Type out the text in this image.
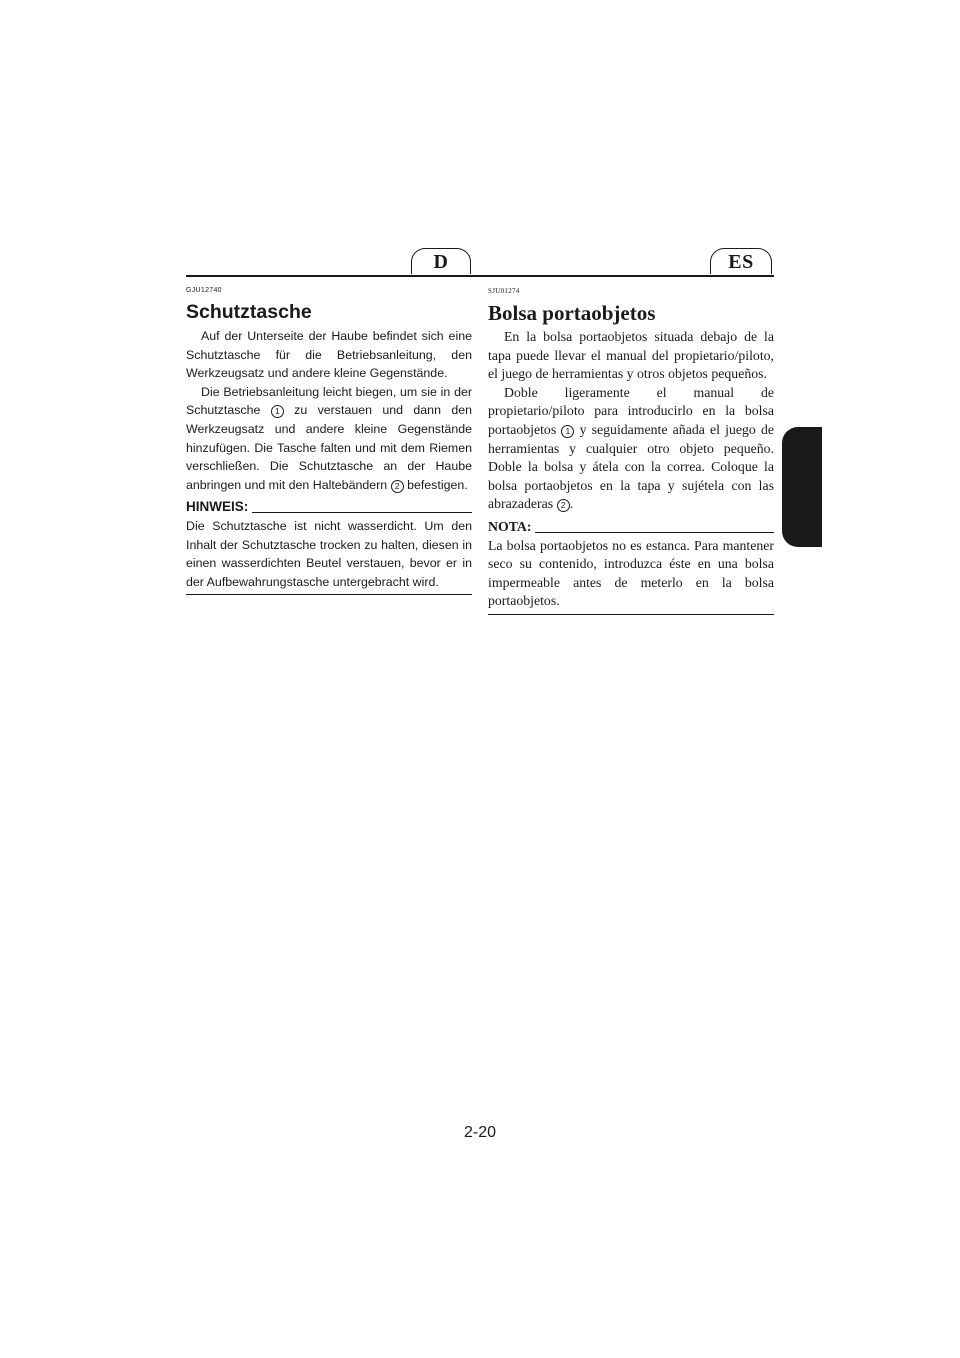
D	ES
GJU12740
Schutztasche

Auf der Unterseite der Haube befindet sich eine Schutztasche für die Betriebsanleitung, den Werkzeugsatz und andere kleine Gegenstände.

Die Betriebsanleitung leicht biegen, um sie in der Schutztasche 1 zu verstauen und dann den Werkzeugsatz und andere kleine Gegenstände hinzufügen. Die Tasche falten und mit dem Riemen verschließen. Die Schutztasche an der Haube anbringen und mit den Haltebändern 2 befestigen.

HINWEIS:

Die Schutztasche ist nicht wasserdicht. Um den Inhalt der Schutztasche trocken zu halten, diesen in einen wasserdichten Beutel verstauen, bevor er in der Aufbewahrungstasche untergebracht wird.

SJU01274
Bolsa portaobjetos

En la bolsa portaobjetos situada debajo de la tapa puede llevar el manual del propietario/piloto, el juego de herramientas y otros objetos pequeños.

Doble ligeramente el manual de propietario/piloto para introducirlo en la bolsa portaobjetos 1 y seguidamente añada el juego de herramientas y cualquier otro objeto pequeño. Doble la bolsa y átela con la correa. Coloque la bolsa portaobjetos en la tapa y sujételа con las abrazaderas 2 .

NOTA:

La bolsa portaobjetos no es estanca. Para mantener seco su contenido, introduzca éste en una bolsa impermeable antes de meterlo en la bolsa portaobjetos.

2-20
